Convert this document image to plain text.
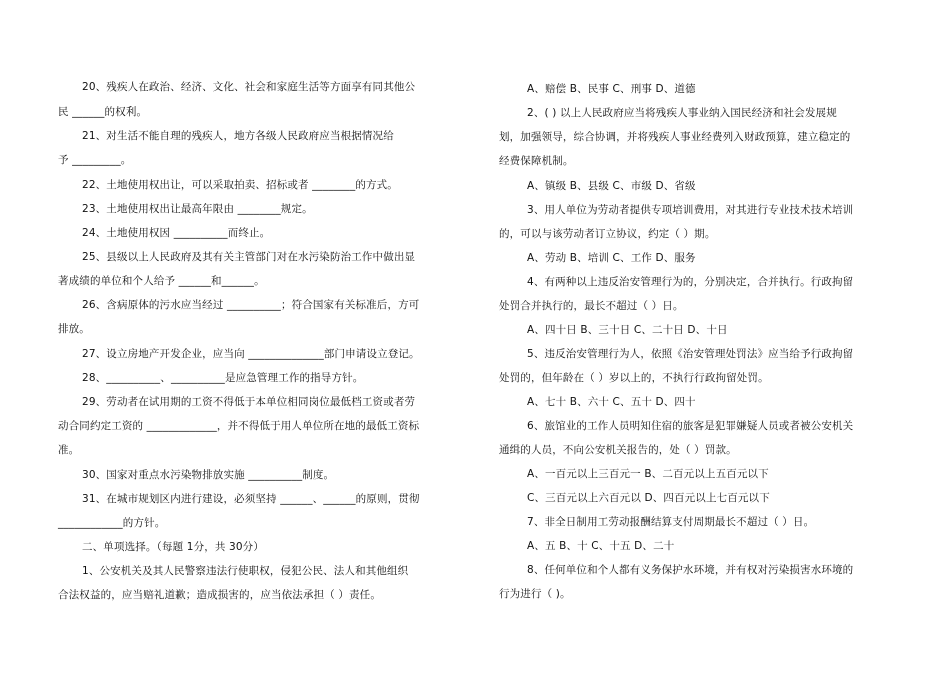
20、残疾人在政治、经济、文化、社会和家庭生活等方面享有同其他公
民 ______的权利。
21、对生活不能自理的残疾人，地方各级人民政府应当根据情况给
予 _________。
22、土地使用权出让，可以采取拍卖、招标或者 ________的方式。
23、土地使用权出让最高年限由 ________规定。
24、土地使用权因 __________而终止。
25、县级以上人民政府及其有关主管部门对在水污染防治工作中做出显
著成绩的单位和个人给予 ______和______。
26、含病原体的污水应当经过 __________；符合国家有关标准后，方可
排放。
27、设立房地产开发企业，应当向 ______________部门申请设立登记。
28、__________、__________是应急管理工作的指导方针。
29、劳动者在试用期的工资不得低于本单位相同岗位最低档工资或者劳
动合同约定工资的 _____________，并不得低于用人单位所在地的最低工资标
准。
30、国家对重点水污染物排放实施 __________制度。
31、在城市规划区内进行建设，必须坚持 ______、______的原则，贯彻
____________的方针。
二、单项选择。（每题 1分，共 30分）
1、公安机关及其人民警察违法行使职权，侵犯公民、法人和其他组织
合法权益的，应当赔礼道歉；造成损害的，应当依法承担（ ）责任。
A、赔偿 B、民事 C、刑事 D、道德
2、( ) 以上人民政府应当将残疾人事业纳入国民经济和社会发展规
划，加强领导，综合协调，并将残疾人事业经费列入财政预算，建立稳定的
经费保障机制。
A、镇级 B、县级 C、市级 D、省级
3、用人单位为劳动者提供专项培训费用，对其进行专业技术技术培训
的，可以与该劳动者订立协议，约定（ ）期。
A、劳动 B、培训 C、工作 D、服务
4、有两种以上违反治安管理行为的，分别决定，合并执行。行政拘留
处罚合并执行的，最长不超过（ ）日。
A、四十日 B、三十日 C、二十日 D、十日
5、违反治安管理行为人，依照《治安管理处罚法》应当给予行政拘留
处罚的，但年龄在（ ）岁以上的，不执行行政拘留处罚。
A、七十 B、六十 C、五十 D、四十
6、旅馆业的工作人员明知住宿的旅客是犯罪嫌疑人员或者被公安机关
通缉的人员，不向公安机关报告的，处（ ）罚款。
A、一百元以上三百元一 B、二百元以上五百元以下
C、三百元以上六百元以 D、四百元以上七百元以下
7、非全日制用工劳动报酬结算支付周期最长不超过（ ）日。
A、五 B、十 C、十五 D、二十
8、任何单位和个人都有义务保护水环境，并有权对污染损害水环境的
行为进行（ )。
